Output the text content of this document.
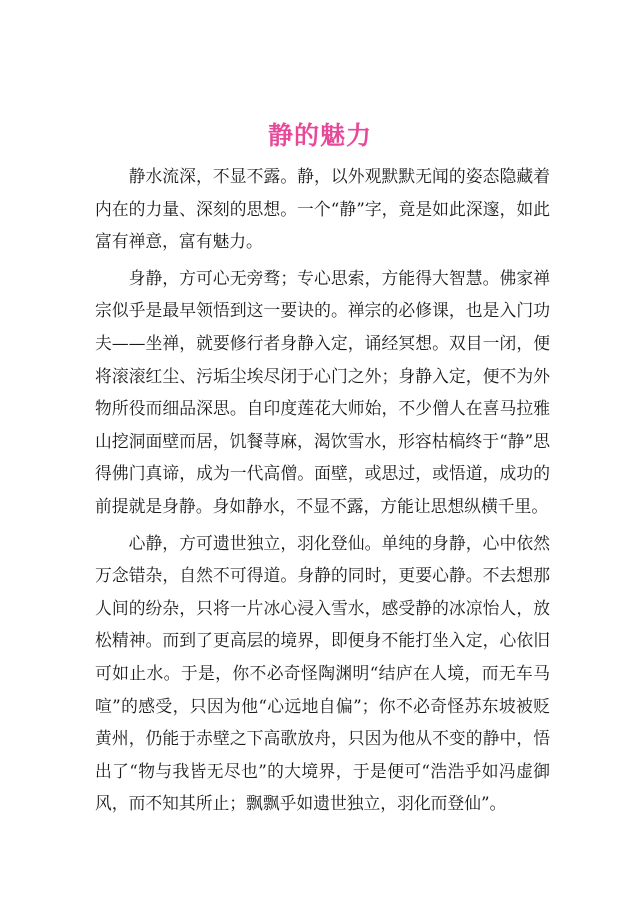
静的魅力

静水流深，不显不露。静，以外观默默无闻的姿态隐藏着内在的力量、深刻的思想。一个“静”字，竟是如此深邃，如此富有禅意，富有魅力。

身静，方可心无旁骛；专心思索，方能得大智慧。佛家禅宗似乎是最早领悟到这一要诀的。禅宗的必修课，也是入门功夫——坐禅，就要修行者身静入定，诵经冥想。双目一闭，便将滚滚红尘、污垢尘埃尽闭于心门之外；身静入定，便不为外物所役而细品深思。自印度莲花大师始，不少僧人在喜马拉雅山挖洞面壁而居，饥餐荨麻，渴饮雪水，形容枯槁终于“静”思得佛门真谛，成为一代高僧。面壁，或思过，或悟道，成功的前提就是身静。身如静水，不显不露，方能让思想纵横千里。

心静，方可遗世独立，羽化登仙。单纯的身静，心中依然万念错杂，自然不可得道。身静的同时，更要心静。不去想那人间的纷杂，只将一片冰心浸入雪水，感受静的冰凉怡人，放松精神。而到了更高层的境界，即便身不能打坐入定，心依旧可如止水。于是，你不必奇怪陶渊明“结庐在人境，而无车马喧”的感受，只因为他“心远地自偏”；你不必奇怪苏东坡被贬黄州，仍能于赤壁之下高歌放舟，只因为他从不变的静中，悟出了“物与我皆无尽也”的大境界，于是便可“浩浩乎如冯虚御风，而不知其所止；飘飘乎如遗世独立，羽化而登仙”。
